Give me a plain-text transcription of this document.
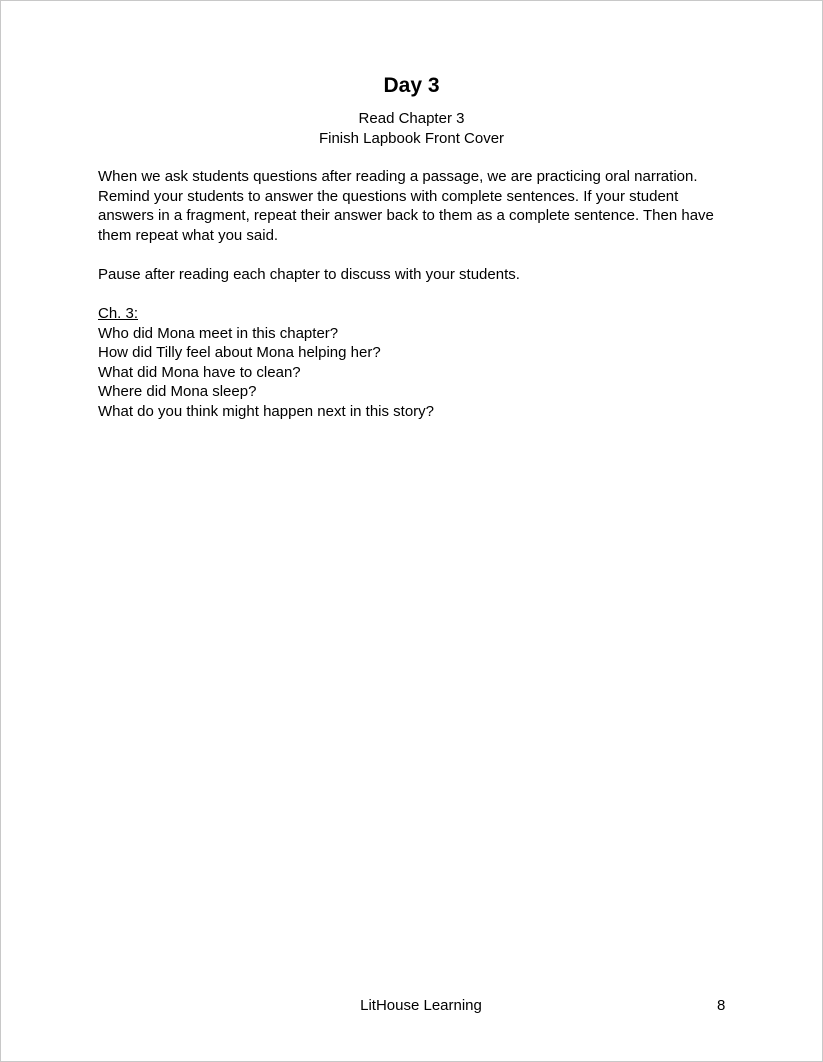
Day 3
Read Chapter 3
Finish Lapbook Front Cover
When we ask students questions after reading a passage, we are practicing oral narration. Remind your students to answer the questions with complete sentences. If your student answers in a fragment, repeat their answer back to them as a complete sentence. Then have them repeat what you said.
Pause after reading each chapter to discuss with your students.
Ch. 3:
Who did Mona meet in this chapter?
How did Tilly feel about Mona helping her?
What did Mona have to clean?
Where did Mona sleep?
What do you think might happen next in this story?
LitHouse Learning	8
